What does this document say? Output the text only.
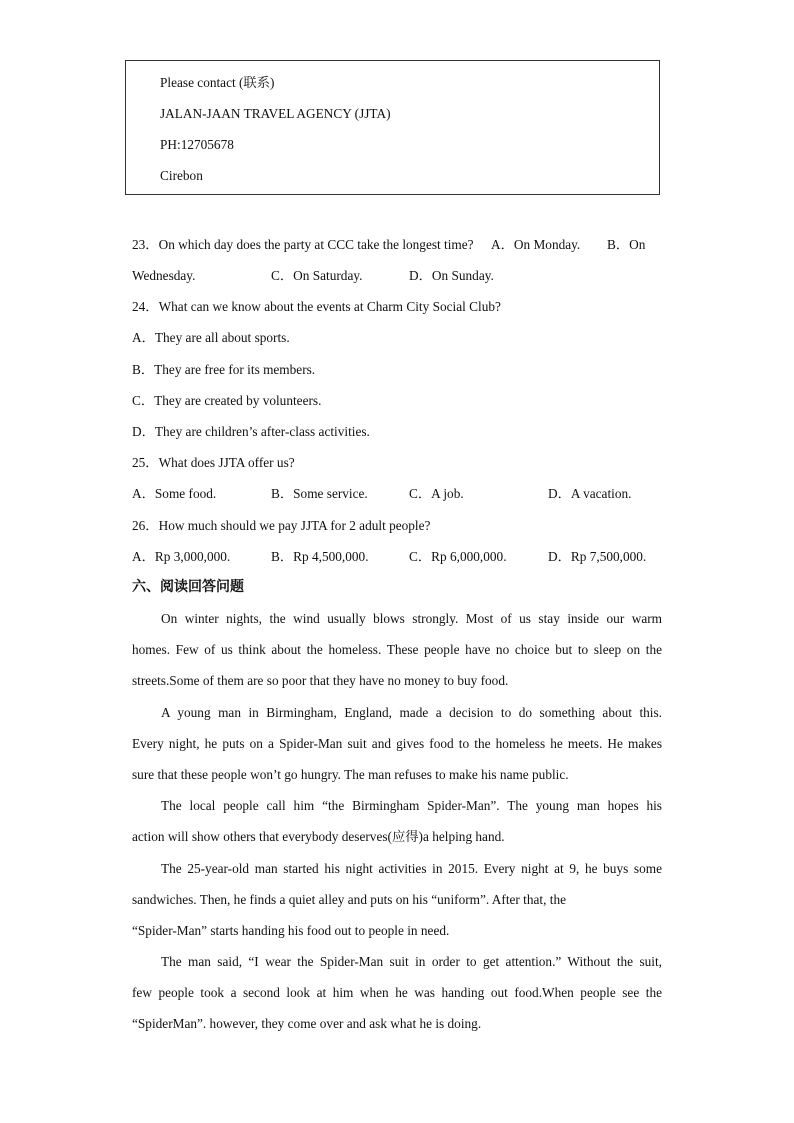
Please contact (联系)
JALAN-JAAN TRAVEL AGENCY (JJTA)
PH:12705678
Cirebon
23．On which day does the party at CCC take the longest time? A．On Monday. B．On
Wednesday.	C．On Saturday.	D．On Sunday.
24．What can we know about the events at Charm City Social Club?
A．They are all about sports.
B．They are free for its members.
C．They are created by volunteers.
D．They are children’s after-class activities.
25．What does JJTA offer us?
A．Some food.	B．Some service.	C．A job.	D．A vacation.
26．How much should we pay JJTA for 2 adult people?
A．Rp 3,000,000.	B．Rp 4,500,000.	C．Rp 6,000,000.	D．Rp 7,500,000.
六、阅读回答问题
On winter nights, the wind usually blows strongly. Most of us stay inside our warm
homes. Few of us think about the homeless. These people have no choice but to sleep on the
streets.Some of them are so poor that they have no money to buy food.
A young man in Birmingham, England, made a decision to do something about this.
Every night, he puts on a Spider-Man suit and gives food to the homeless he meets. He makes
sure that these people won’t go hungry. The man refuses to make his name public.
The local people call him “the Birmingham Spider-Man”. The young man hopes his
action will show others that everybody deserves(应得)a helping hand.
The 25-year-old man started his night activities in 2015. Every night at 9, he buys some
sandwiches. Then, he finds a quiet alley and puts on his “uniform”. After that, the
“Spider-Man” starts handing his food out to people in need.
The man said, “I wear the Spider-Man suit in order to get attention.” Without the suit,
few people took a second look at him when he was handing out food.When people see the
“SpiderMan”. however, they come over and ask what he is doing.
